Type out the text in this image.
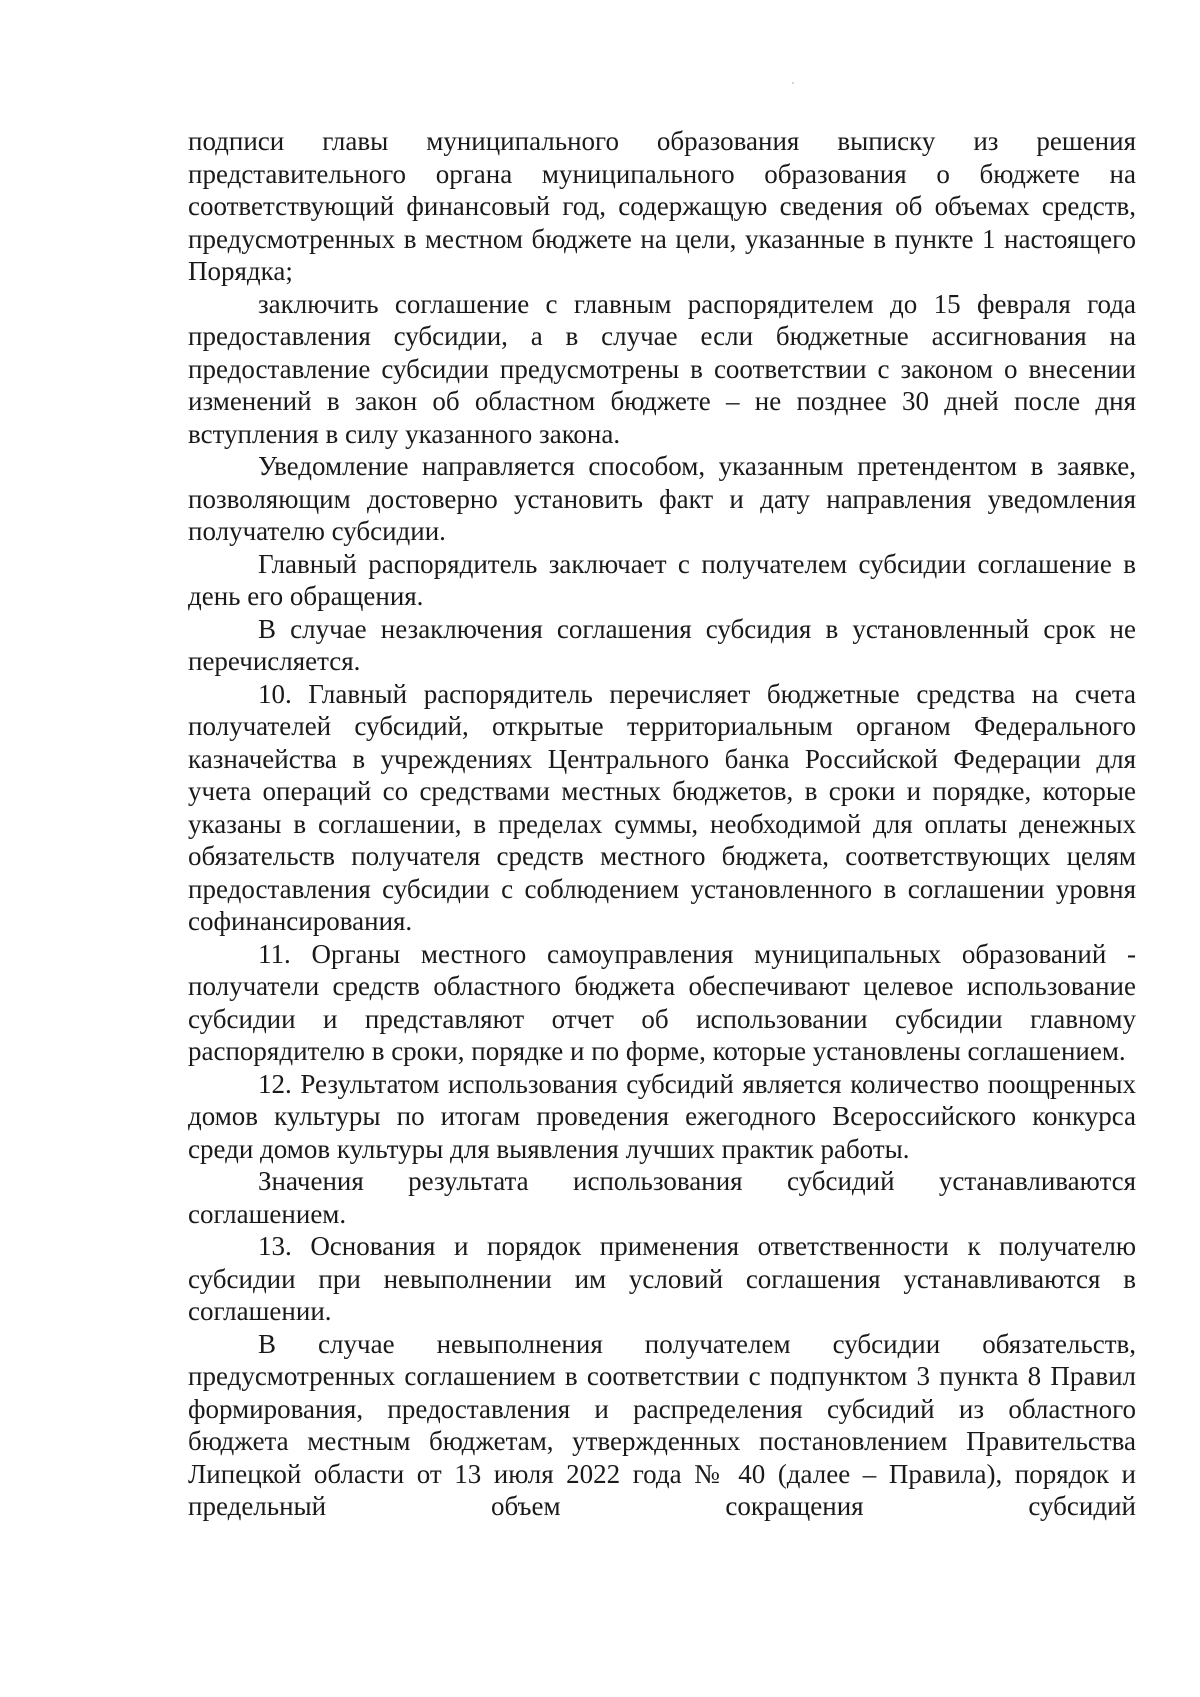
подписи главы муниципального образования выписку из решения представительного органа муниципального образования о бюджете на соответствующий финансовый год, содержащую сведения об объемах средств, предусмотренных в местном бюджете на цели, указанные в пункте 1 настоящего Порядка;

заключить соглашение с главным распорядителем до 15 февраля года предоставления субсидии, а в случае если бюджетные ассигнования на предоставление субсидии предусмотрены в соответствии с законом о внесении изменений в закон об областном бюджете – не позднее 30 дней после дня вступления в силу указанного закона.

Уведомление направляется способом, указанным претендентом в заявке, позволяющим достоверно установить факт и дату направления уведомления получателю субсидии.

Главный распорядитель заключает с получателем субсидии соглашение в день его обращения.

В случае незаключения соглашения субсидия в установленный срок не перечисляется.

10. Главный распорядитель перечисляет бюджетные средства на счета получателей субсидий, открытые территориальным органом Федерального казначейства в учреждениях Центрального банка Российской Федерации для учета операций со средствами местных бюджетов, в сроки и порядке, которые указаны в соглашении, в пределах суммы, необходимой для оплаты денежных обязательств получателя средств местного бюджета, соответствующих целям предоставления субсидии с соблюдением установленного в соглашении уровня софинансирования.

11. Органы местного самоуправления муниципальных образований - получатели средств областного бюджета обеспечивают целевое использование субсидии и представляют отчет об использовании субсидии главному распорядителю в сроки, порядке и по форме, которые установлены соглашением.

12. Результатом использования субсидий является количество поощренных домов культуры по итогам проведения ежегодного Всероссийского конкурса среди домов культуры для выявления лучших практик работы.

Значения результата использования субсидий устанавливаются соглашением.

13. Основания и порядок применения ответственности к получателю субсидии при невыполнении им условий соглашения устанавливаются в соглашении.

В случае невыполнения получателем субсидии обязательств, предусмотренных соглашением в соответствии с подпунктом 3 пункта 8 Правил формирования, предоставления и распределения субсидий из областного бюджета местным бюджетам, утвержденных постановлением Правительства Липецкой области от 13 июля 2022 года № 40 (далее – Правила), порядок и предельный объем сокращения субсидий
